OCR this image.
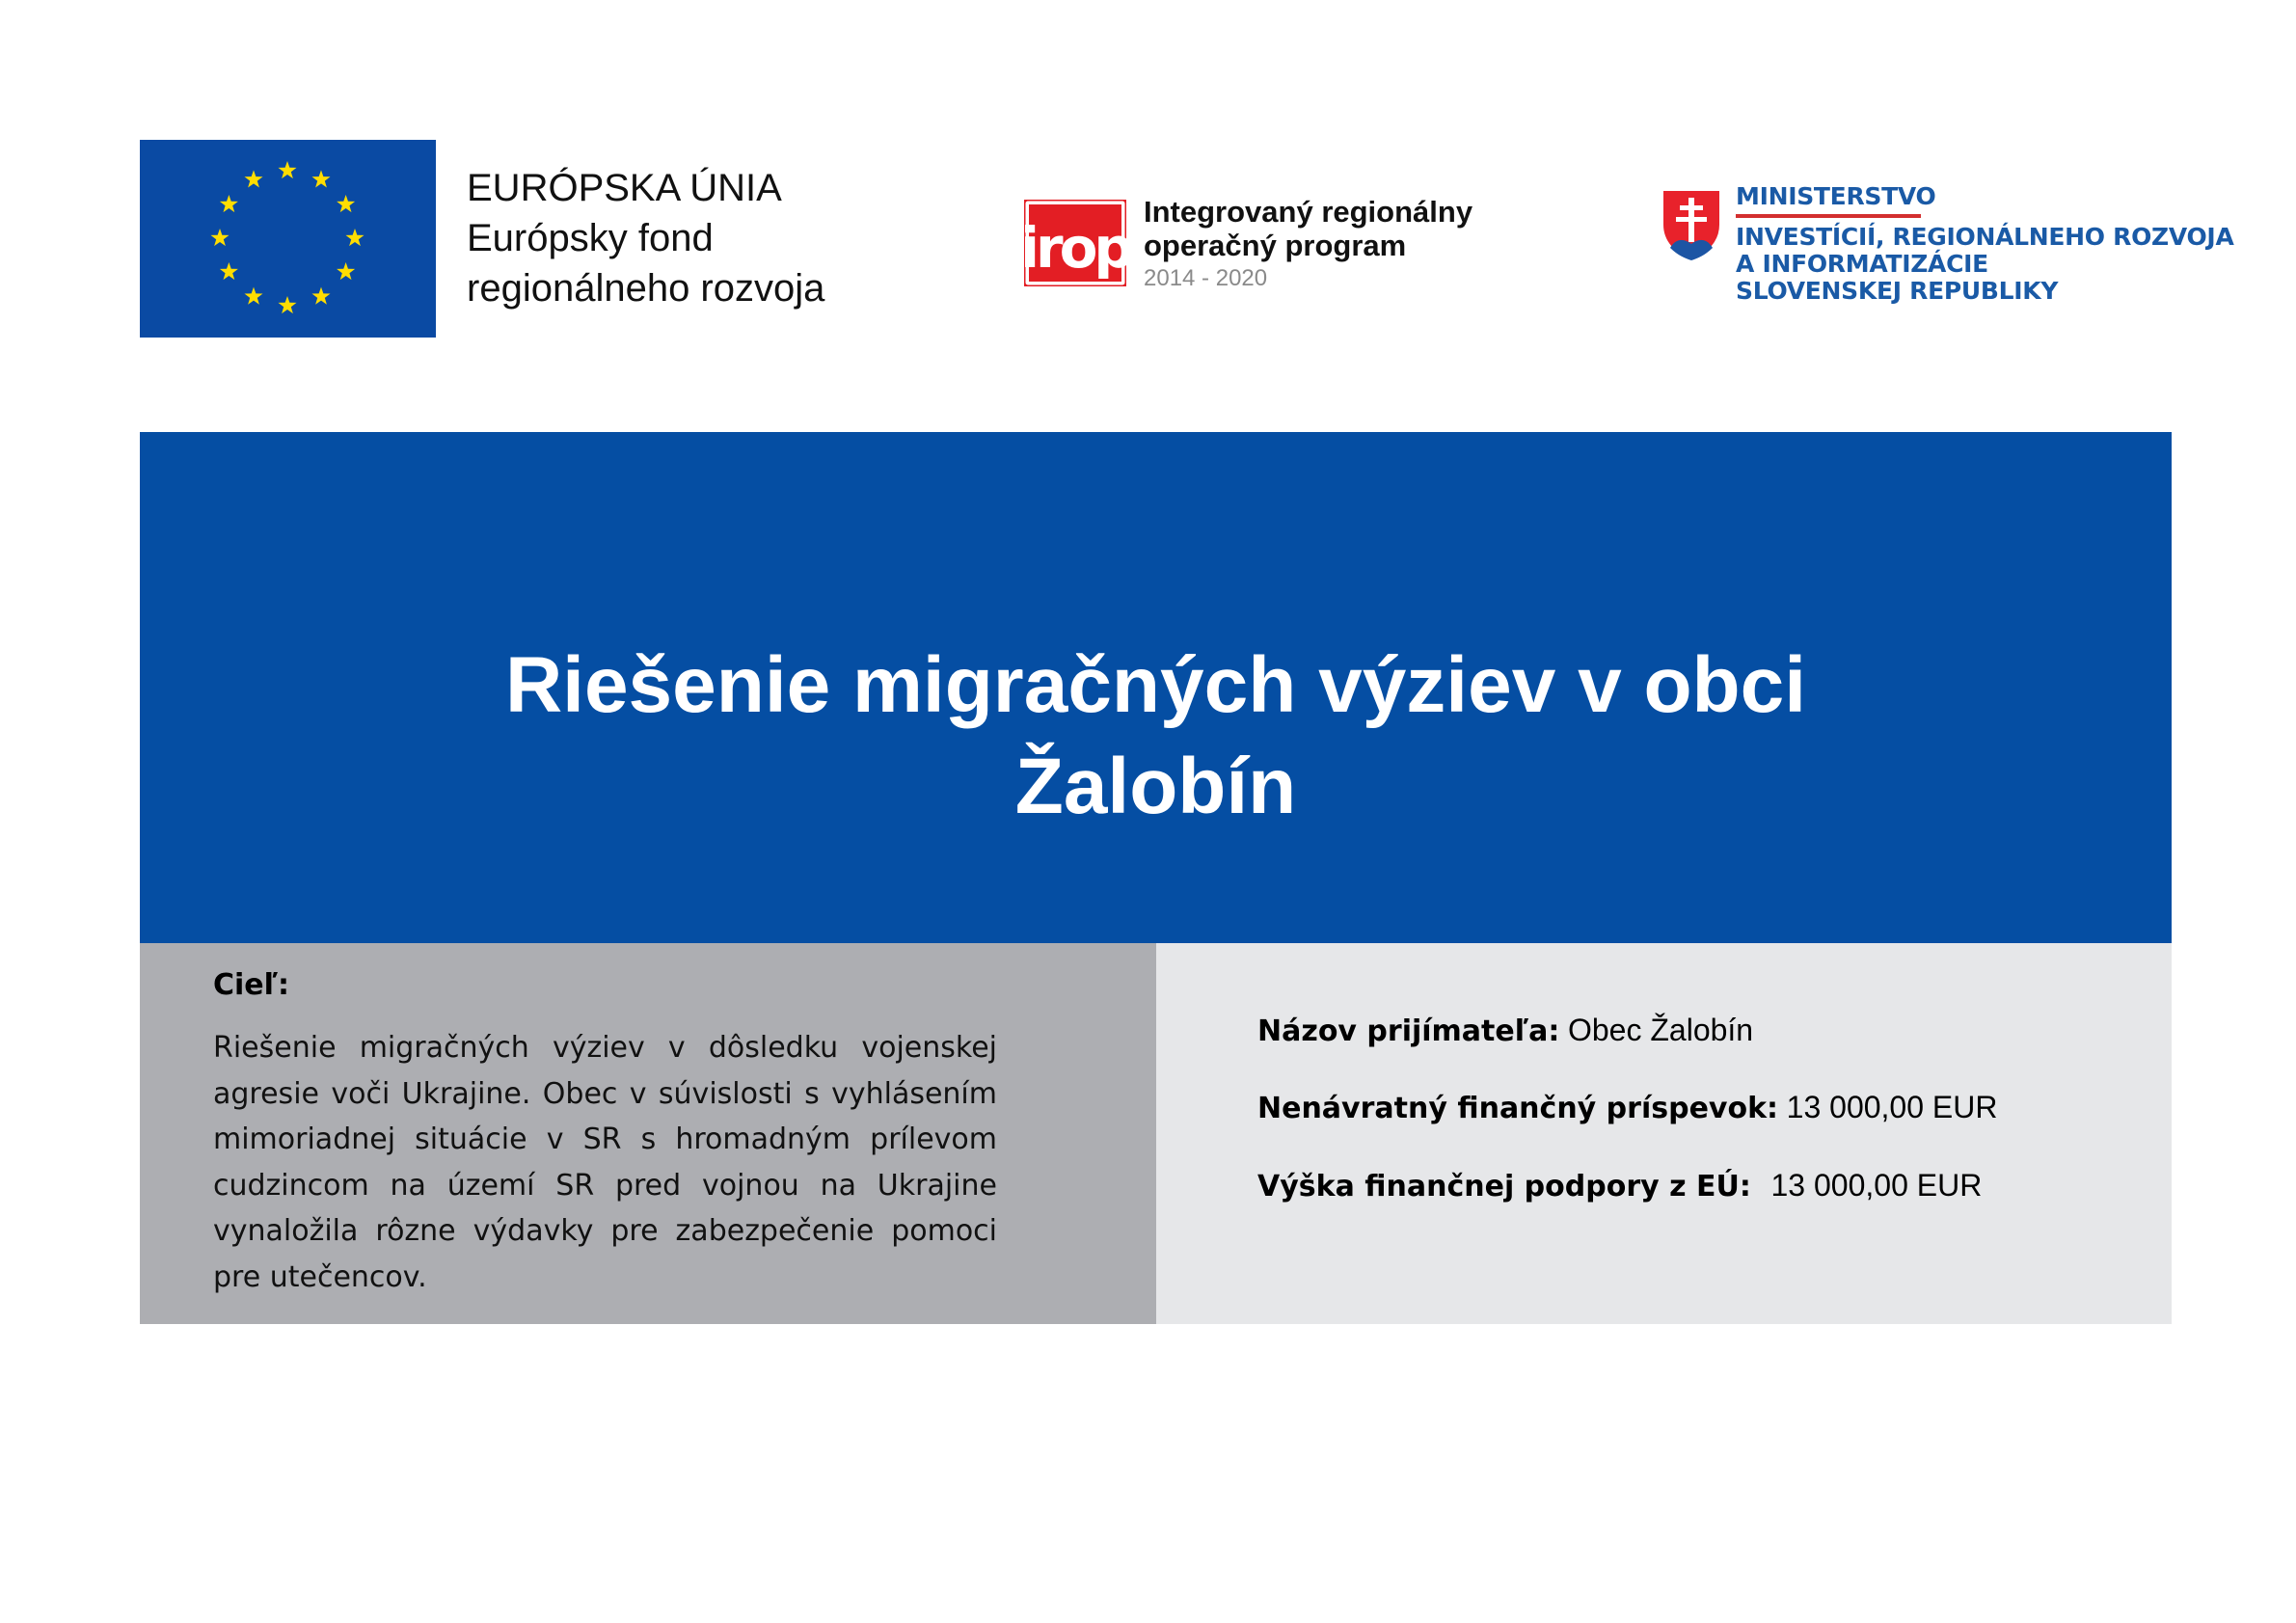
EURÓPSKA ÚNIA
Európsky fond
regionálneho rozvoja
irop
Integrovaný regionálny
operačný program
2014 - 2020
MINISTERSTVO
INVESTÍCIÍ, REGIONÁLNEHO ROZVOJA
A INFORMATIZÁCIE
SLOVENSKEJ REPUBLIKY
Riešenie migračných výziev v obci
Žalobín
Cieľ:
Riešenie migračných výziev v dôsledku vojenskej agresie voči Ukrajine. Obec v súvislosti s vyhlásením mimoriadnej situácie v SR s hromadným prílevom cudzincom na území SR pred vojnou na Ukrajine vynaložila rôzne výdavky pre zabezpečenie pomoci pre utečencov.
Názov prijímateľa: Obec Žalobín
Nenávratný finančný príspevok: 13 000,00 EUR
Výška finančnej podpory z EÚ: 13 000,00 EUR
